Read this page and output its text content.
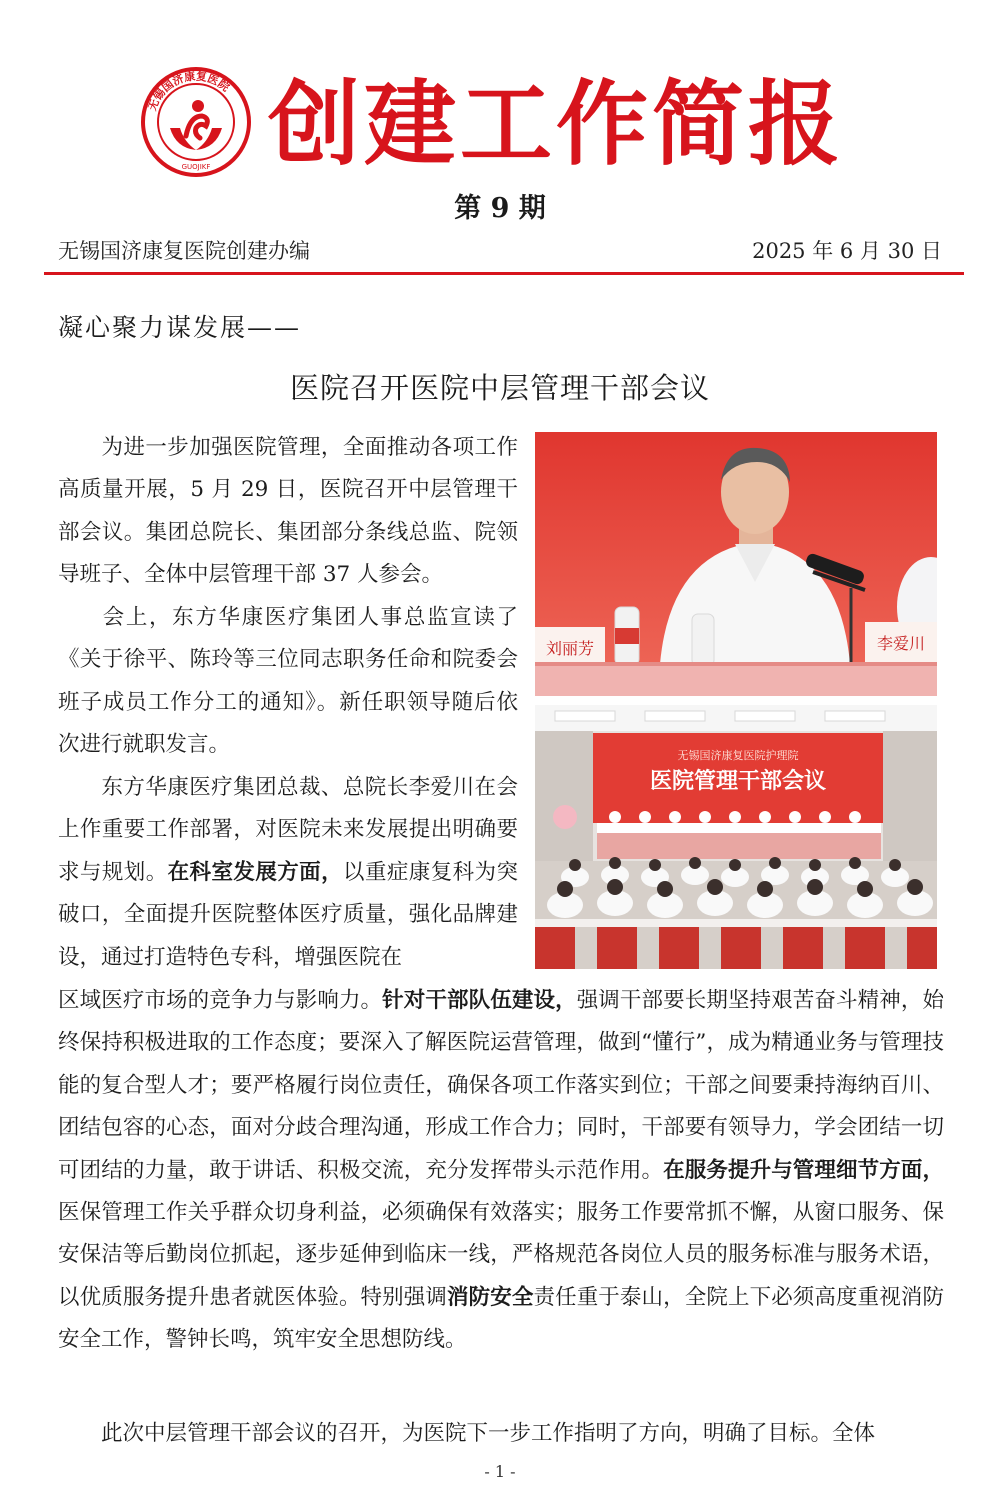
无锡国济康复医院
GUOJIKF 创建工作简报
第 9 期
无锡国济康复医院创建办编	2025 年 6 月 30 日
凝心聚力谋发展——
医院召开医院中层管理干部会议

为进一步加强医院管理，全面推动各项工作高质量开展，5 月 29 日，医院召开中层管理干部会议。集团总院长、集团部分条线总监、院领导班子、全体中层管理干部 37 人参会。

会上，东方华康医疗集团人事总监宣读了《关于徐平、陈玲等三位同志职务任命和院委会班子成员工作分工的通知》。新任职领导随后依次进行就职发言。

东方华康医疗集团总裁、总院长李爱川在会上作重要工作部署，对医院未来发展提出明确要求与规划。在科室发展方面，以重症康复科为突破口，全面提升医院整体医疗质量，强化品牌建设，通过打造特色专科，增强医院在

区域医疗市场的竞争力与影响力。针对干部队伍建设，强调干部要长期坚持艰苦奋斗精神，始终保持积极进取的工作态度；要深入了解医院运营管理，做到“懂行”，成为精通业务与管理技能的复合型人才；要严格履行岗位责任，确保各项工作落实到位；干部之间要秉持海纳百川、团结包容的心态，面对分歧合理沟通，形成工作合力；同时，干部要有领导力，学会团结一切可团结的力量，敢于讲话、积极交流，充分发挥带头示范作用。在服务提升与管理细节方面，医保管理工作关乎群众切身利益，必须确保有效落实；服务工作要常抓不懈，从窗口服务、保安保洁等后勤岗位抓起，逐步延伸到临床一线，严格规范各岗位人员的服务标准与服务术语，以优质服务提升患者就医体验。特别强调消防安全责任重于泰山，全院上下必须高度重视消防安全工作，警钟长鸣，筑牢安全思想防线。

此次中层管理干部会议的召开，为医院下一步工作指明了方向，明确了目标。全体

刘丽芳	李爱川
无锡国济康复医院护理院
医院管理干部会议
- 1 -
